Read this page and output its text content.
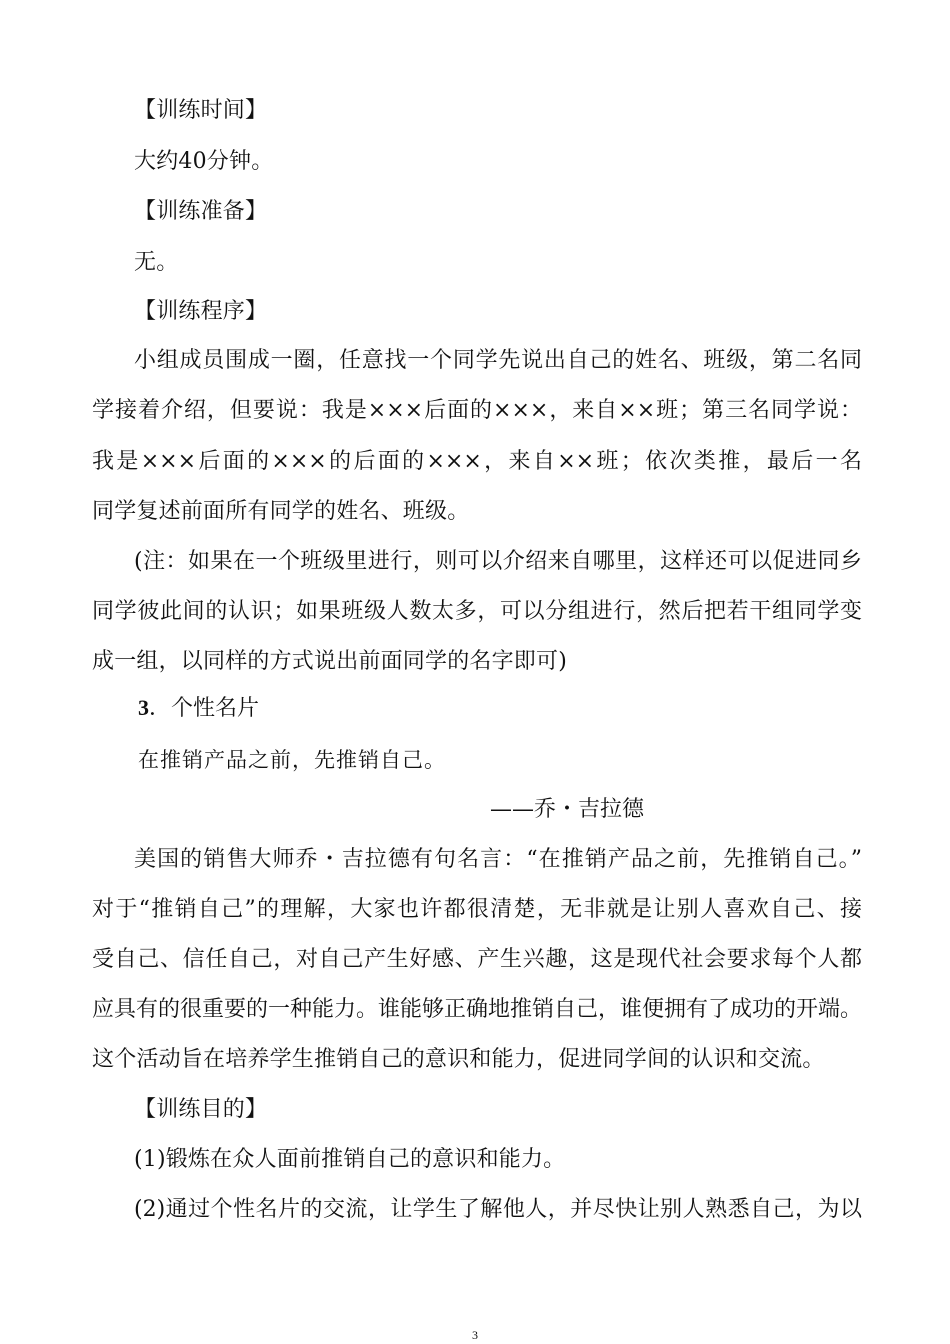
【训练时间】
大约40分钟。
【训练准备】
无。
【训练程序】
小组成员围成一圈，任意找一个同学先说出自己的姓名、班级，第二名同
学接着介绍，但要说：我是×××后面的×××，来自××班；第三名同学说：
我是×××后面的×××的后面的×××，来自××班；依次类推，最后一名
同学复述前面所有同学的姓名、班级。
(注：如果在一个班级里进行，则可以介绍来自哪里，这样还可以促进同乡
同学彼此间的认识；如果班级人数太多，可以分组进行，然后把若干组同学变
成一组，以同样的方式说出前面同学的名字即可)
3．个性名片
在推销产品之前，先推销自己。
——乔・吉拉德
美国的销售大师乔・吉拉德有句名言：“在推销产品之前，先推销自己。”
对于“推销自己”的理解，大家也许都很清楚，无非就是让别人喜欢自己、接
受自己、信任自己，对自己产生好感、产生兴趣，这是现代社会要求每个人都
应具有的很重要的一种能力。谁能够正确地推销自己，谁便拥有了成功的开端。
这个活动旨在培养学生推销自己的意识和能力，促进同学间的认识和交流。
【训练目的】
(1)锻炼在众人面前推销自己的意识和能力。
(2)通过个性名片的交流，让学生了解他人，并尽快让别人熟悉自己，为以
3
